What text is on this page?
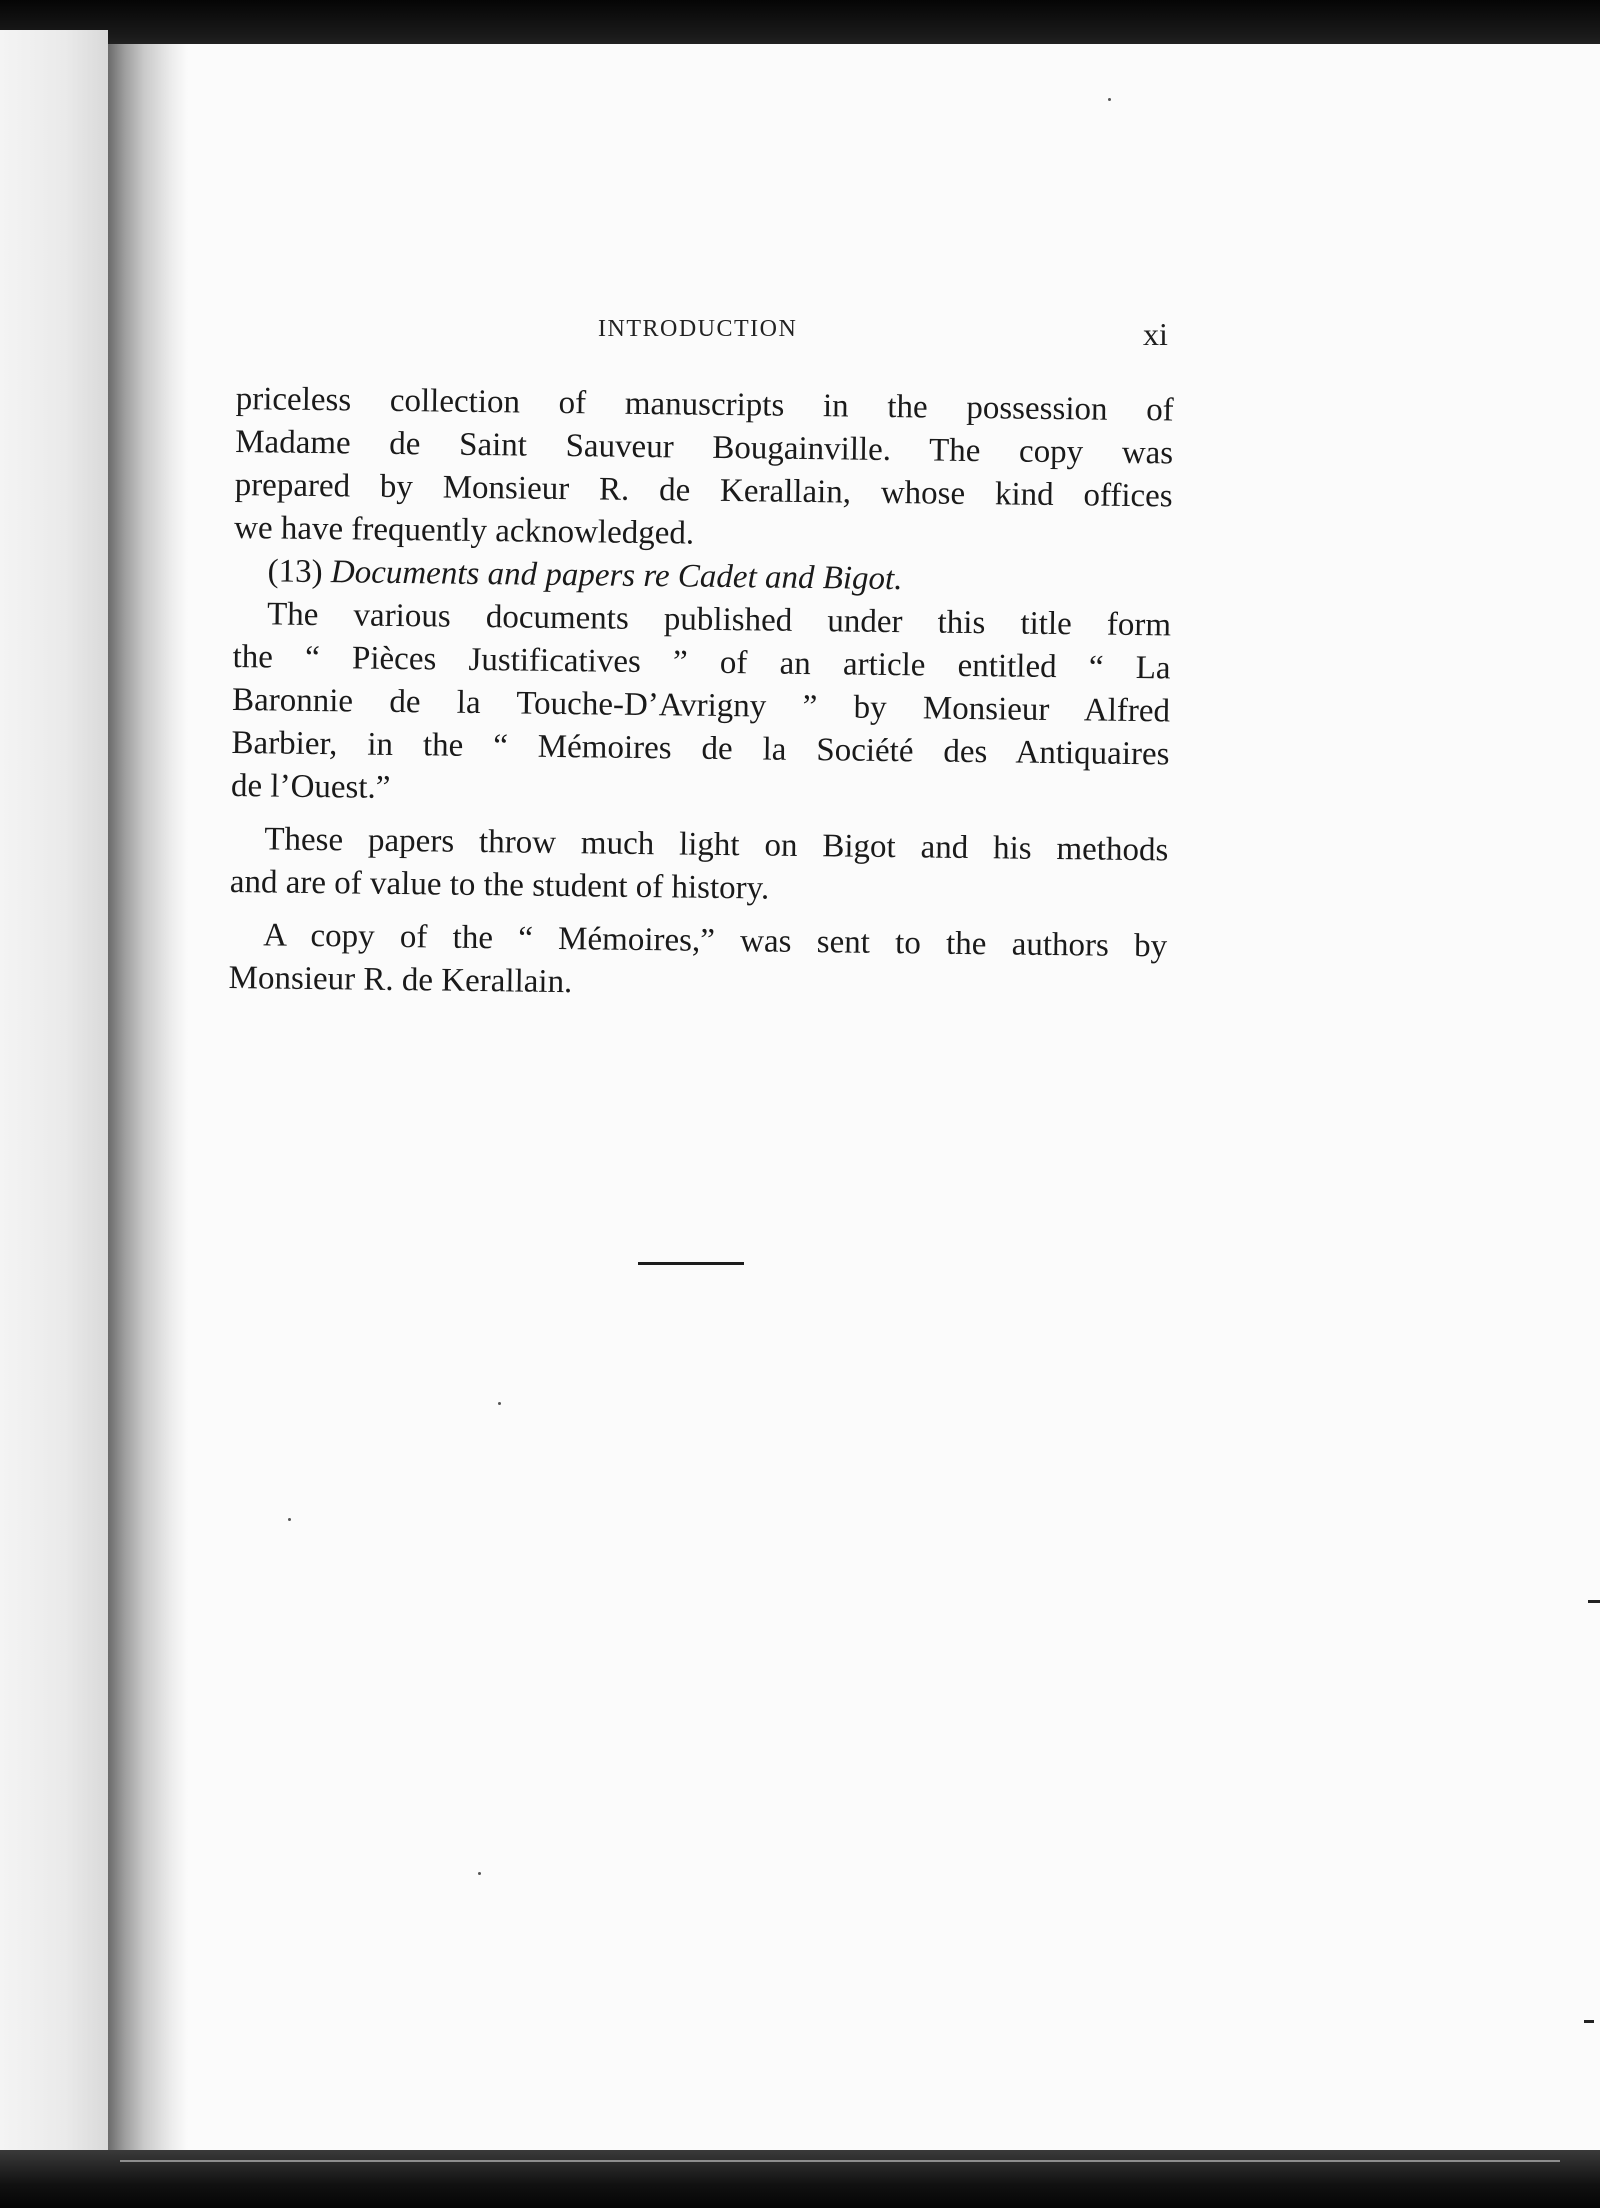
INTRODUCTION	xi
priceless collection of manuscripts in the possession of
Madame de Saint Sauveur Bougainville. The copy was
prepared by Monsieur R. de Kerallain, whose kind offices
we have frequently acknowledged.
(13) Documents and papers re Cadet and Bigot.
The various documents published under this title form
the “ Pièces Justificatives ” of an article entitled “ La
Baronnie de la Touche-D’Avrigny ” by Monsieur Alfred
Barbier, in the “ Mémoires de la Société des Antiquaires
de l’Ouest.”
These papers throw much light on Bigot and his methods
and are of value to the student of history.
A copy of the “ Mémoires,” was sent to the authors by
Monsieur R. de Kerallain.
